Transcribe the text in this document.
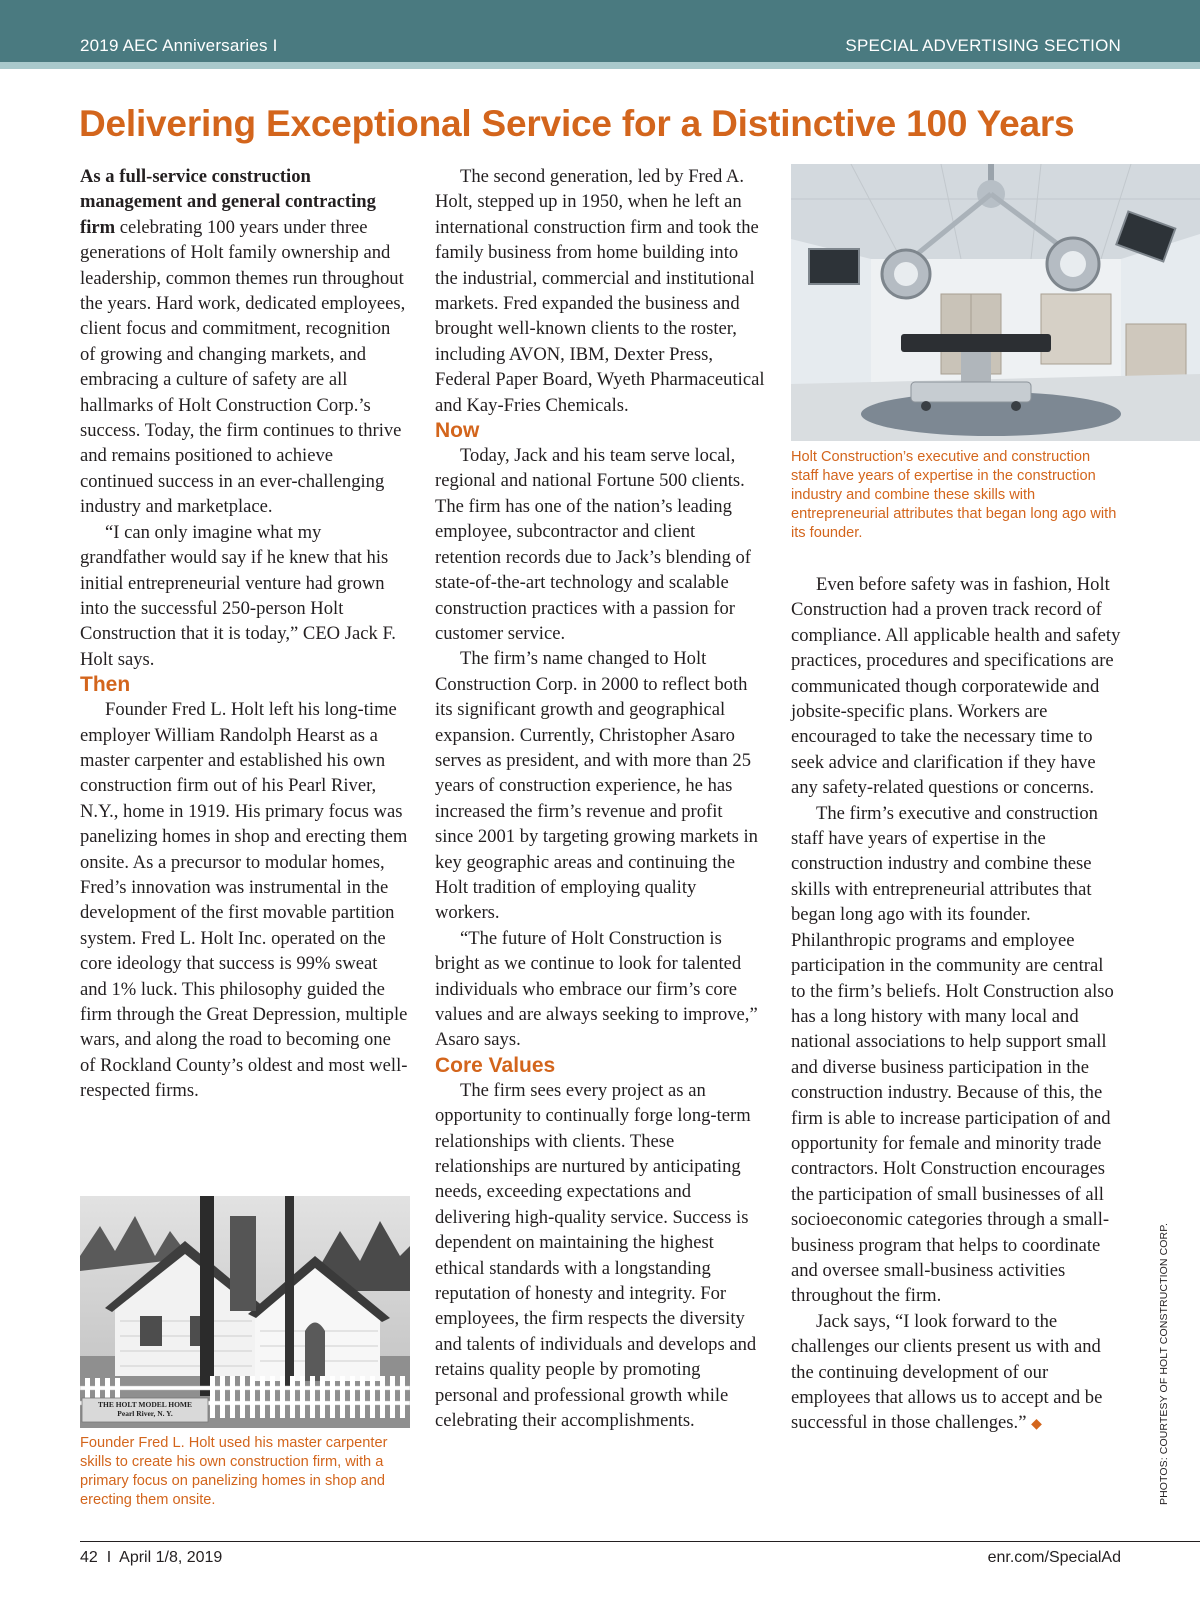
2019 AEC Anniversaries I	SPECIAL ADVERTISING SECTION
Delivering Exceptional Service for a Distinctive 100 Years

As a full-service construction management and general contracting firm celebrating 100 years under three generations of Holt family ownership and leadership, common themes run throughout the years. Hard work, dedicated employees, client focus and commitment, recognition of growing and changing markets, and embracing a culture of safety are all hallmarks of Holt Construction Corp.’s success. Today, the firm continues to thrive and remains positioned to achieve continued success in an ever-challenging industry and marketplace.

“I can only imagine what my grandfather would say if he knew that his initial entrepreneurial venture had grown into the successful 250-person Holt Construction that it is today,” CEO Jack F. Holt says.

Then

Founder Fred L. Holt left his long-time employer William Randolph Hearst as a master carpenter and established his own construction firm out of his Pearl River, N.Y., home in 1919. His primary focus was panelizing homes in shop and erecting them onsite. As a precursor to modular homes, Fred’s innovation was instrumental in the development of the first movable partition system. Fred L. Holt Inc. operated on the core ideology that success is 99% sweat and 1% luck. This philosophy guided the firm through the Great Depression, multiple wars, and along the road to becoming one of Rockland County’s oldest and most well-respected firms.

THE HOLT MODEL HOME
Pearl River, N. Y.
Founder Fred L. Holt used his master carpenter skills to create his own construction firm, with a primary focus on panelizing homes in shop and erecting them onsite.

The second generation, led by Fred A. Holt, stepped up in 1950, when he left an international construction firm and took the family business from home building into the industrial, commercial and institutional markets. Fred expanded the business and brought well-known clients to the roster, including AVON, IBM, Dexter Press, Federal Paper Board, Wyeth Pharmaceutical and Kay-Fries Chemicals.

Now

Today, Jack and his team serve local, regional and national Fortune 500 clients. The firm has one of the nation’s leading employee, subcontractor and client retention records due to Jack’s blending of state-of-the-art technology and scalable construction practices with a passion for customer service.

The firm’s name changed to Holt Construction Corp. in 2000 to reflect both its significant growth and geographical expansion. Currently, Christopher Asaro serves as president, and with more than 25 years of construction experience, he has increased the firm’s revenue and profit since 2001 by targeting growing markets in key geographic areas and continuing the Holt tradition of employing quality workers.

“The future of Holt Construction is bright as we continue to look for talented individuals who embrace our firm’s core values and are always seeking to improve,” Asaro says.

Core Values

The firm sees every project as an opportunity to continually forge long-term relationships with clients. These relationships are nurtured by anticipating needs, exceeding expectations and delivering high-quality service. Success is dependent on maintaining the highest ethical standards with a longstanding reputation of honesty and integrity. For employees, the firm respects the diversity and talents of individuals and develops and retains quality people by promoting personal and professional growth while celebrating their accomplishments.

Holt Construction’s executive and construction staff have years of expertise in the construction industry and combine these skills with entrepreneurial attributes that began long ago with its founder.

Even before safety was in fashion, Holt Construction had a proven track record of compliance. All applicable health and safety practices, procedures and specifications are communicated though corporatewide and jobsite-specific plans. Workers are encouraged to take the necessary time to seek advice and clarification if they have any safety-related questions or concerns.

The firm’s executive and construction staff have years of expertise in the construction industry and combine these skills with entrepreneurial attributes that began long ago with its founder. Philanthropic programs and employee participation in the community are central to the firm’s beliefs. Holt Construction also has a long history with many local and national associations to help support small and diverse business participation in the construction industry. Because of this, the firm is able to increase participation of and opportunity for female and minority trade contractors. Holt Construction encourages the participation of small businesses of all socioeconomic categories through a small-business program that helps to coordinate and oversee small-business activities throughout the firm.

Jack says, “I look forward to the challenges our clients present us with and the continuing development of our employees that allows us to accept and be successful in those challenges.” ◆	PHOTOS: COURTESY OF HOLT CONSTRUCTION CORP.
42  I  April 1/8, 2019	enr.com/SpecialAd
